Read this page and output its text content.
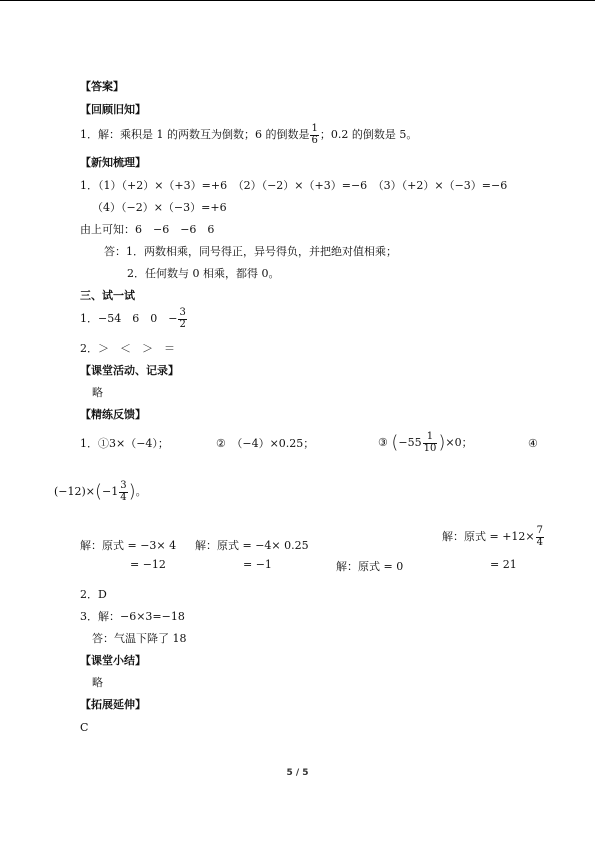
【答案】
【回顾旧知】
1．解：乘积是 1 的两数互为倒数；6 的倒数是 $\frac{1}{6}$ ；0.2 的倒数是 5。
【新知梳理】
1．（1）（+2）×（+3）=+6　（2）（−2）×（+3）=−6　（3）（+2）×（−3）=−6
（4）（−2）×（−3）=+6
由上可知：6　−6　−6　6
答：1．两数相乘，同号得正，异号得负，并把绝对值相乘；
2．任何数与 0 相乘，都得 0。
三、试一试
1．−54　6　0　− $\frac{3}{2}$
2．＞　＜　＞　＝
【课堂活动、记录】
略
【精练反馈】
1．①3×（−4）；	②　（−4）×0.25；	③ $(-55 \frac{1}{10} )\times 0$；	④
$(-12)\times(-1 \frac{3}{4}$ )。
解：原式 = −3× 4
= −12
解：原式 = −4× 0.25
= −1	解：原式 = 0
解：原式 = $+12\times \frac{7}{4}$
= 21
2．D
3．解：−6×3=−18
答：气温下降了 18
【课堂小结】
略
【拓展延伸】
C
5 / 5
